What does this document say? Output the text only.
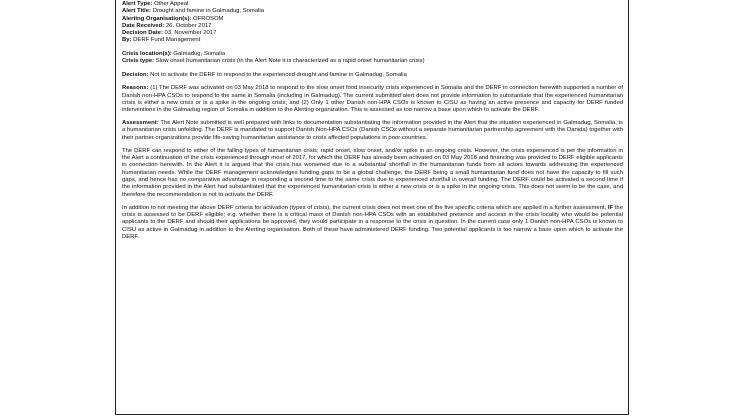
Alert Type: Other Appeal
Alert Title: Drought and famine in Galmadug, Somalia
Alerting Organisation(s): OFROSOM
Date Received: 26. October 2017
Decision Date: 03. November 2017
By: DERF Fund Management
Crisis location(s): Galmadug, Somalia
Crisis type: Slow onset humanitarian crisis (in the Alert Note it is characterized as a rapid onset humanitarian crisis)
Decision: Not to activate the DERF to respond to the experienced drought and famine in Galmadug, Somalia
Reasons: (1) The DERF was activated on 03 May 2018 to respond to the slow onset food insecurity crisis experienced in Somalia and the DERF in connection herewith supported a number of Danish non-HPA CSOs to respond to the same in Somalia (including in Galmadug). The current submitted alert does not provide information to substantiate that the experienced humanitarian crisis is either a new crisis or is a spike in the ongoing crisis; and (2) Only 1 other Danish non-HPA CSOs is known to CISU as having an active presence and capacity for DERF funded interventions in the Galmadug region of Somalia in addition to the Alerting organization. This is assessed as too narrow a base upon which to activate the DERF.
Assessment: The Alert Note submitted is well prepared with links to documentation substantiating the information provided in the Alert that the situation experienced in Galmadug, Somalia, is a humanitarian crisis unfolding. The DERF is mandated to support Danish Non-HPA CSOs (Danish CSOs without a separate humanitarian partnership agreement with the Danida) together with their partner organizations provide life-saving humanitarian assistance to crisis affected populations in poor countries.
The DERF can respond to either of the falling types of humanitarian crisis; rapid onset, slow onset, and/or spike in an ongoing crisis. However, the crisis experienced is per the information in the Alert a continuation of the crisis experienced through most of 2017, for which the DERF has already been activated on 03 May 2018 and financing was provided to DERF eligible applicants in connection herewith. In the Alert it is argued that the crisis has worsened due to a substantial shortfall in the humanitarian funds from all actors towards addressing the experienced humanitarian needs. While the DERF management acknowledges funding gaps to be a global challenge, the DERF being a small humanitarian fund does not have the capacity to fill such gaps, and hence has no comparative advantage in responding a second time to the same crisis due to experienced shortfall in overall funding. The DERF could be activated a second time if the information provided in the Alert had substantiated that the experienced humanitarian crisis is either a new crisis or is a spike in the ongoing crisis. This does not seem to be the case, and therefore the recommendation is not to activate the DERF.
In addition to not meeting the above DERF criteria for activation (types of crisis), the current crisis does not meet one of the five specific criteria which are applied in a further assessment, IF the crisis is assessed to be DERF eligible; e.g. whether there is a critical mass of Danish non-HPA CSOs with an established presence and access in the crisis locality who would be potential applicants to the DERF and should their applications be approved, they would participate in a response to the crisis in question. In the current case only 1 Danish non-HPA CSOs is known to CISU as active in Galmadug in addition to the Alerting organisation. Both of these have administered DERF funding. Two potential applicants is too narrow a base upon which to activate the DERF.
